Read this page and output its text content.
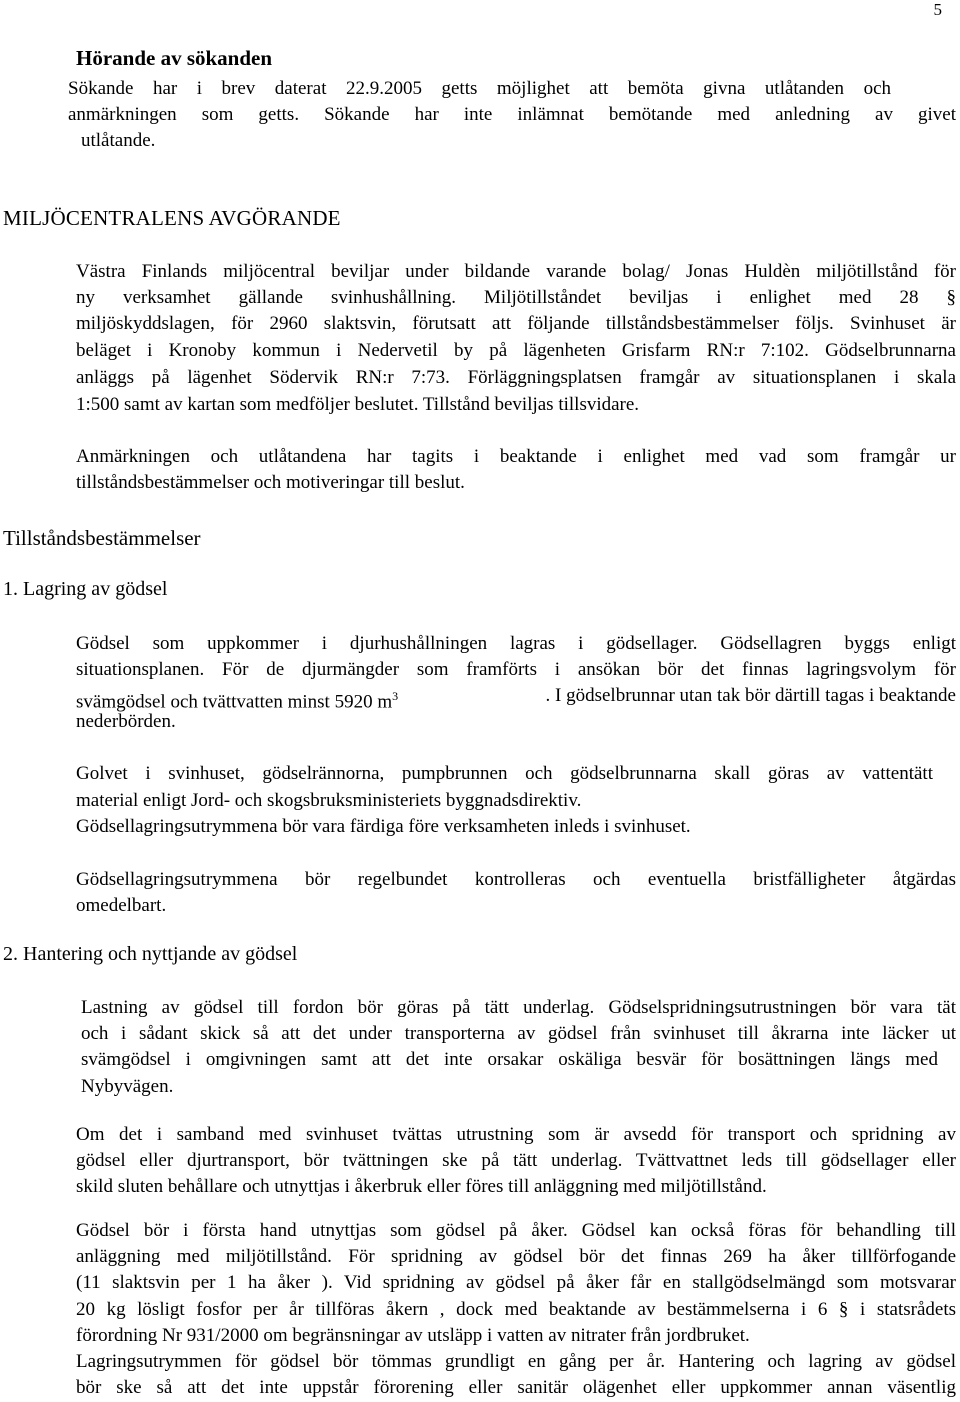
5
Hörande av sökanden
Sökande har i brev daterat 22.9.2005 getts möjlighet att bemöta givna utlåtanden och
anmärkningen som getts. Sökande har inte inlämnat bemötande med anledning av givet
utlåtande.
MILJÖCENTRALENS AVGÖRANDE
Västra Finlands miljöcentral beviljar under bildande varande bolag/ Jonas Huldèn miljötillstånd för
ny verksamhet gällande svinhushållning. Miljötillståndet beviljas i enlighet med 28 §
miljöskyddslagen, för 2960 slaktsvin, förutsatt att följande tillståndsbestämmelser följs. Svinhuset är
beläget i Kronoby kommun i Nedervetil by på lägenheten Grisfarm RN:r 7:102. Gödselbrunnarna
anläggs på lägenhet Södervik RN:r 7:73. Förläggningsplatsen framgår av situationsplanen i skala
1:500 samt av kartan som medföljer beslutet. Tillstånd beviljas tillsvidare.
Anmärkningen och utlåtandena har tagits i beaktande i enlighet med vad som framgår ur
tillståndsbestämmelser och motiveringar till beslut.
Tillståndsbestämmelser
1. Lagring av gödsel
Gödsel som uppkommer i djurhushållningen lagras i gödsellager. Gödsellagren byggs enligt
situationsplanen. För de djurmängder som framförts i ansökan bör det finnas lagringsvolym för
svämgödsel och tvättvatten minst 5920 $m^3$	. I gödselbrunnar utan tak bör därtill tagas i beaktande
nederbörden.
Golvet i svinhuset, gödselrännorna, pumpbrunnen och gödselbrunnarna skall göras av vattentätt
material enligt Jord- och skogsbruksministeriets byggnadsdirektiv.
Gödsellagringsutrymmena bör vara färdiga före verksamheten inleds i svinhuset.
Gödsellagringsutrymmena bör regelbundet kontrolleras och eventuella bristfälligheter åtgärdas
omedelbart.
2. Hantering och nyttjande av gödsel
Lastning av gödsel till fordon bör göras på tätt underlag. Gödselspridningsutrustningen bör vara tät
och i sådant skick så att det under transporterna av gödsel från svinhuset till åkrarna inte läcker ut
svämgödsel i omgivningen samt att det inte orsakar oskäliga besvär för bosättningen längs med
Nybyvägen.
Om det i samband med svinhuset tvättas utrustning som är avsedd för transport och spridning av
gödsel eller djurtransport, bör tvättningen ske på tätt underlag. Tvättvattnet leds till gödsellager eller
skild sluten behållare och utnyttjas i åkerbruk eller föres till anläggning med miljötillstånd.
Gödsel bör i första hand utnyttjas som gödsel på åker. Gödsel kan också föras för behandling till
anläggning med miljötillstånd. För spridning av gödsel bör det finnas 269 ha åker tillförfogande
(11 slaktsvin per 1 ha åker ). Vid spridning av gödsel på åker får en stallgödselmängd som motsvarar
20 kg lösligt fosfor per år tillföras åkern , dock med beaktande av bestämmelserna i 6 § i statsrådets
förordning Nr 931/2000 om begränsningar av utsläpp i vatten av nitrater från jordbruket.
Lagringsutrymmen för gödsel bör tömmas grundligt en gång per år. Hantering och lagring av gödsel
bör ske så att det inte uppstår förorening eller sanitär olägenhet eller uppkommer annan väsentlig
